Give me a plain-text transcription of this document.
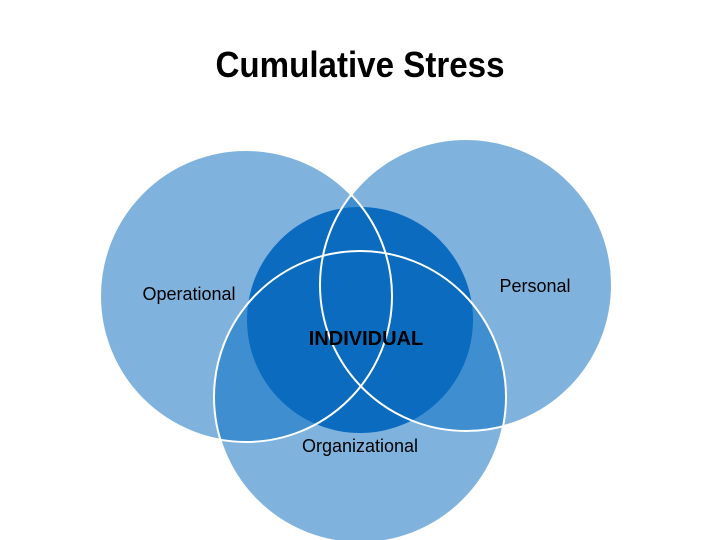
Cumulative Stress
Operational	Personal
Organizational
INDIVIDUAL
